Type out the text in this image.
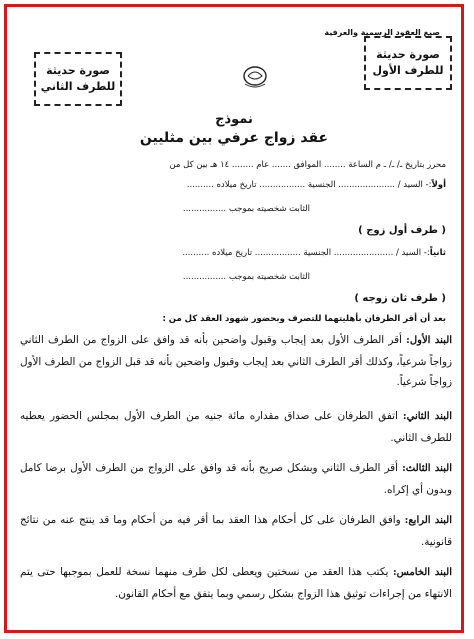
صيغ العقود الرسمية والعرفية
صورة حديثة
للطرف الأول
صورة حديثة
للطرف الثاني
نموذج
عقد زواج عرفي بين مثليين
محرر بتاريخ ـ/ ـ/ ـ م الساعة ........ الموافق ....... عام ........ ١٤ هـ بين كل من
أولاً:- السيد / ..................... الجنسية ................. تاريخ ميلاده ..........
الثابت شخصيته بموجب ................
( طرف أول زوج )
ثانياً:- السيد / ...................... الجنسية ................. تاريخ ميلاده ..........
الثابت شخصيته بموجب ................
( طرف ثان زوجه )
بعد أن أقر الطرفان بأهليتهما للتصرف وبحضور شهود العقد كل من :
البند الأول: أقر الطرف الأول بعد إيجاب وقبول واضحين بأنه قد وافق على الزواج من الطرف الثاني زواجاً شرعياً، وكذلك أقر الطرف الثاني بعد إيجاب وقبول واضحين بأنه قد قبل الزواج من الطرف الأول زواجاً شرعياً.
البند الثاني: اتفق الطرفان على صداق مقداره مائة جنيه من الطرف الأول بمجلس الحضور يعطيه للطرف الثاني.
البند الثالث: أقر الطرف الثاني وبشكل صريح بأنه قد وافق على الزواج من الطرف الأول برضا كامل وبدون أي إكراه.
البند الرابع: وافق الطرفان على كل أحكام هذا العقد بما أقر فيه من أحكام وما قد ينتج عنه من نتائج قانونية.
البند الخامس: يكتب هذا العقد من نسختين ويعطى لكل طرف منهما نسخة للعمل بموجبها حتى يتم الانتهاء من إجراءات توثيق هذا الزواج بشكل رسمي وبما يتفق مع أحكام القانون.
